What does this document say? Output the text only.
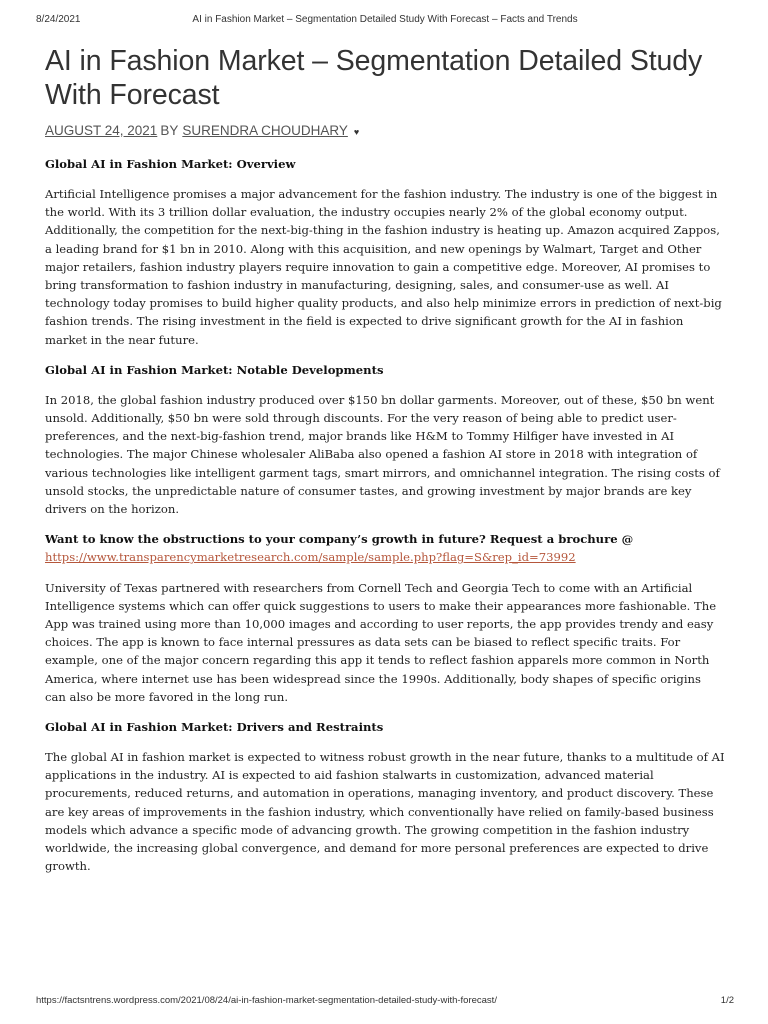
8/24/2021	AI in Fashion Market – Segmentation Detailed Study With Forecast – Facts and Trends
AI in Fashion Market – Segmentation Detailed Study With Forecast
AUGUST 24, 2021 BY SURENDRA CHOUDHARY ♥
Global AI in Fashion Market: Overview

Artificial Intelligence promises a major advancement for the fashion industry. The industry is one of the biggest in the world. With its 3 trillion dollar evaluation, the industry occupies nearly 2% of the global economy output. Additionally, the competition for the next-big-thing in the fashion industry is heating up. Amazon acquired Zappos, a leading brand for $1 bn in 2010. Along with this acquisition, and new openings by Walmart, Target and Other major retailers, fashion industry players require innovation to gain a competitive edge. Moreover, AI promises to bring transformation to fashion industry in manufacturing, designing, sales, and consumer-use as well. AI technology today promises to build higher quality products, and also help minimize errors in prediction of next-big fashion trends. The rising investment in the field is expected to drive significant growth for the AI in fashion market in the near future.

Global AI in Fashion Market: Notable Developments

In 2018, the global fashion industry produced over $150 bn dollar garments. Moreover, out of these, $50 bn went unsold. Additionally, $50 bn were sold through discounts. For the very reason of being able to predict user-preferences, and the next-big-fashion trend, major brands like H&M to Tommy Hilfiger have invested in AI technologies. The major Chinese wholesaler AliBaba also opened a fashion AI store in 2018 with integration of various technologies like intelligent garment tags, smart mirrors, and omnichannel integration. The rising costs of unsold stocks, the unpredictable nature of consumer tastes, and growing investment by major brands are key drivers on the horizon.

Want to know the obstructions to your company’s growth in future? Request a brochure @

https://www.transparencymarketresearch.com/sample/sample.php?flag=S&rep_id=73992

University of Texas partnered with researchers from Cornell Tech and Georgia Tech to come with an Artificial Intelligence systems which can offer quick suggestions to users to make their appearances more fashionable. The App was trained using more than 10,000 images and according to user reports, the app provides trendy and easy choices. The app is known to face internal pressures as data sets can be biased to reflect specific traits. For example, one of the major concern regarding this app it tends to reflect fashion apparels more common in North America, where internet use has been widespread since the 1990s. Additionally, body shapes of specific origins can also be more favored in the long run.

Global AI in Fashion Market: Drivers and Restraints

The global AI in fashion market is expected to witness robust growth in the near future, thanks to a multitude of AI applications in the industry. AI is expected to aid fashion stalwarts in customization, advanced material procurements, reduced returns, and automation in operations, managing inventory, and product discovery. These are key areas of improvements in the fashion industry, which conventionally have relied on family-based business models which advance a specific mode of advancing growth. The growing competition in the fashion industry worldwide, the increasing global convergence, and demand for more personal preferences are expected to drive growth.

https://factsntrens.wordpress.com/2021/08/24/ai-in-fashion-market-segmentation-detailed-study-with-forecast/	1/2
